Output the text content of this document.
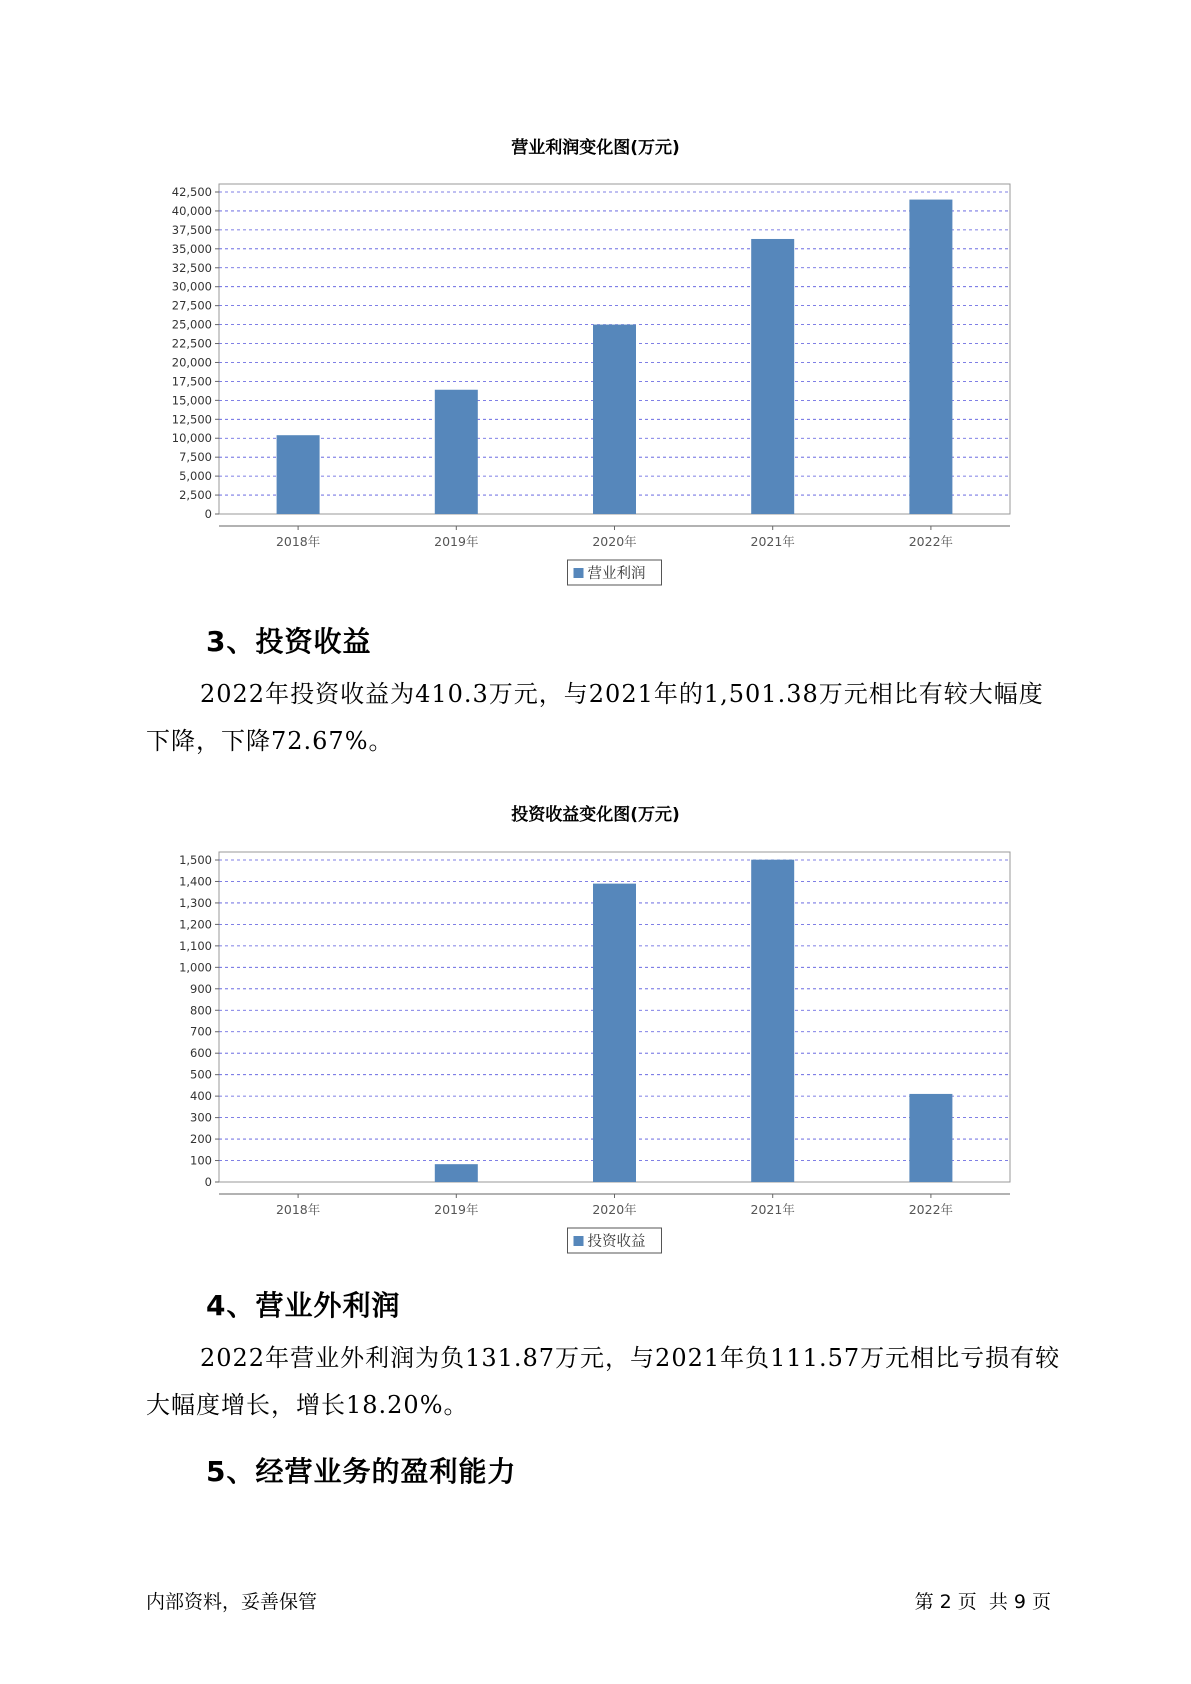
营业利润变化图(万元)
0
2,500
5,000
7,500
10,000
12,500
15,000
17,500
20,000
22,500
25,000
27,500
30,000
32,500
35,000
37,500
40,000
42,500
2018年	2019年	2020年	2021年	2022年
营业利润
3、投资收益

2022年投资收益为410.3万元，与2021年的1,501.38万元相比有较大幅度下降，下降72.67%。

投资收益变化图(万元)
0
100
200
300
400
500
600
700
800
900
1,000
1,100
1,200
1,300
1,400
1,500
2018年	2019年	2020年	2021年	2022年
投资收益
4、营业外利润

2022年营业外利润为负131.87万元，与2021年负111.57万元相比亏损有较大幅度增长，增长18.20%。

5、经营业务的盈利能力
内部资料，妥善保管	第 2 页  共 9 页
